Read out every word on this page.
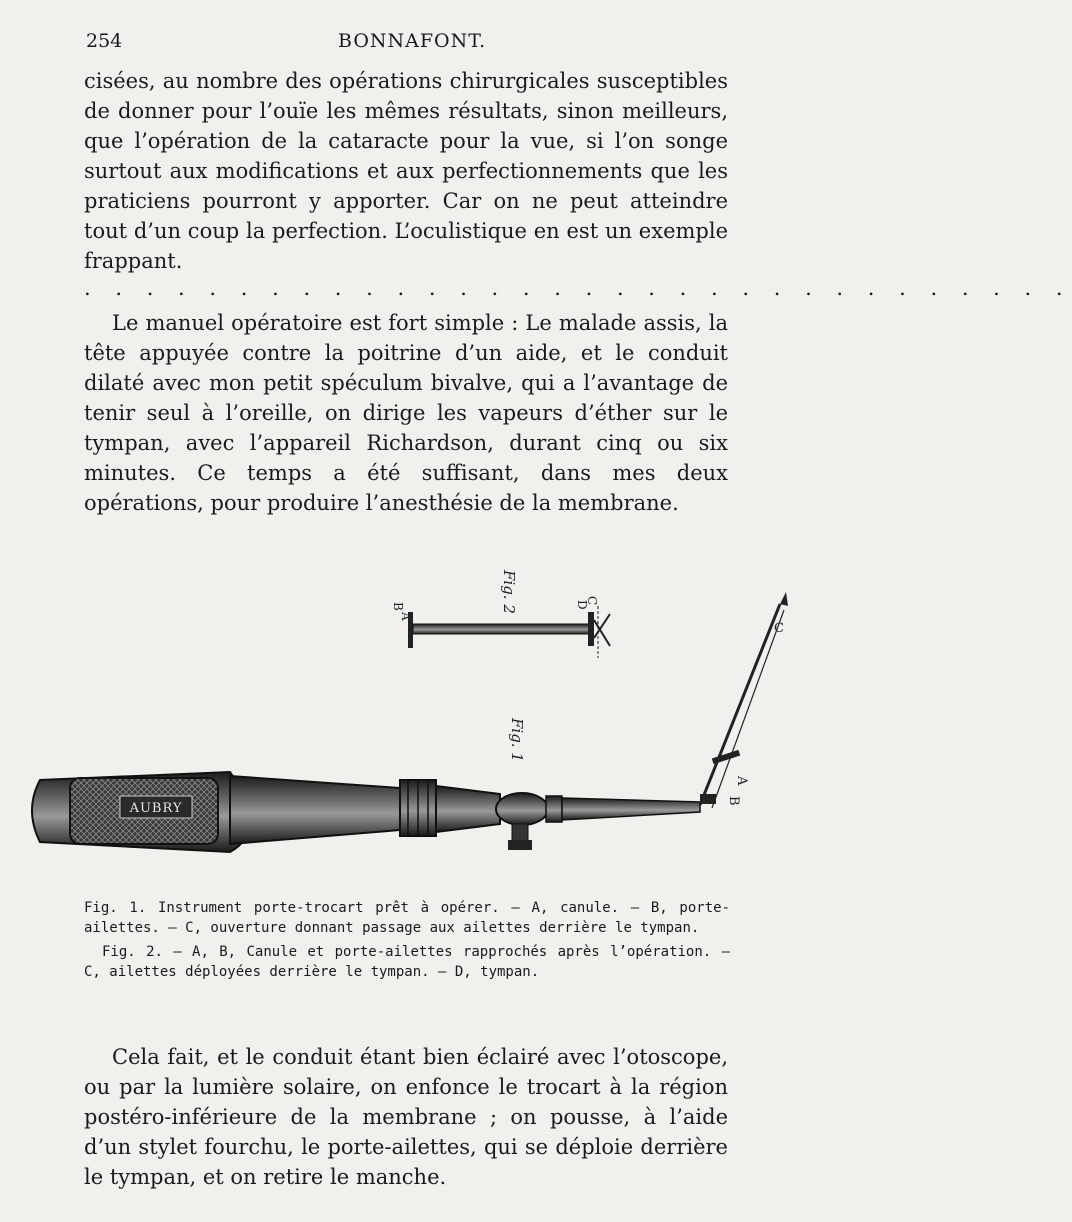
254	BONNAFONT.

cisées, au nombre des opérations chirurgicales susceptibles de donner pour l’ouïe les mêmes résultats, sinon meilleurs, que l’opération de la cataracte pour la vue, si l’on songe surtout aux modifications et aux perfectionnements que les praticiens pourront y apporter. Car on ne peut atteindre tout d’un coup la perfection. L’oculistique en est un exemple frappant.

. . . . . . . . . . . . . . . . . . . . . . . . . . . . . . . .

Le manuel opératoire est fort simple : Le malade assis, la tête appuyée contre la poitrine d’un aide, et le conduit dilaté avec mon petit spéculum bivalve, qui a l’avantage de tenir seul à l’oreille, on dirige les vapeurs d’éther sur le tympan, avec l’appareil Richardson, durant cinq ou six minutes. Ce temps a été suffisant, dans mes deux opérations, pour produire l’anesthésie de la membrane.

AUBRY
C
A
B
Fig. 1
Fig. 2
B
A
C
D

Fig. 1. Instrument porte-trocart prêt à opérer. — A, canule. — B, porte-ailettes. — C, ouverture donnant passage aux ailettes derrière le tympan.

Fig. 2. — A, B, Canule et porte-ailettes rapprochés après l’opération. — C, ailettes déployées derrière le tympan. — D, tympan.

Cela fait, et le conduit étant bien éclairé avec l’otoscope, ou par la lumière solaire, on enfonce le trocart à la région postéro-inférieure de la membrane ; on pousse, à l’aide d’un stylet fourchu, le porte-ailettes, qui se déploie derrière le tympan, et on retire le manche.
